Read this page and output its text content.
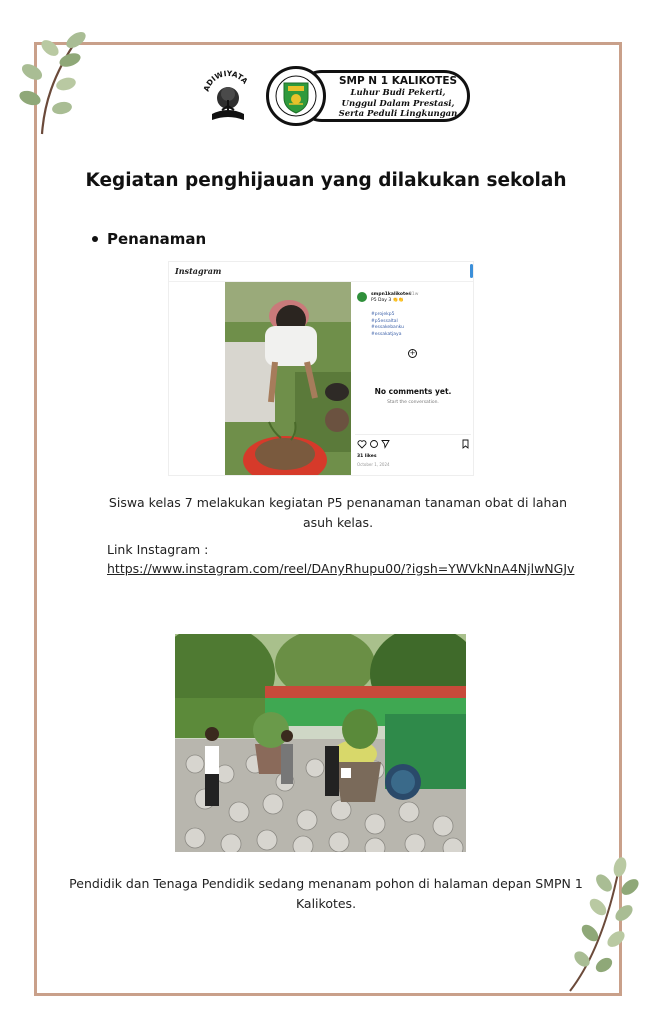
ADIWIYATA	SMP N 1 KALIKOTES
Luhur Budi Pekerti,
Unggul Dalam Prestasi,
Serta Peduli Lingkungan
Kegiatan penghijauan yang dilakukan sekolah
Penanaman
Instagram
smpn1kalikotes
31w
P5 Day 3 👏👏
#projekp5
#p5essaltal
#essakebanku
#essakatjaya
+
No comments yet.
Start the conversation.
31 likes
October 1, 2024
Siswa kelas 7 melakukan kegiatan P5 penanaman tanaman obat di lahan asuh kelas.
Link Instagram :
https://www.instagram.com/reel/DAnyRhupu00/?igsh=YWVkNnA4NjlwNGJv
Pendidik dan Tenaga Pendidik sedang menanam pohon di halaman depan SMPN 1 Kalikotes.
